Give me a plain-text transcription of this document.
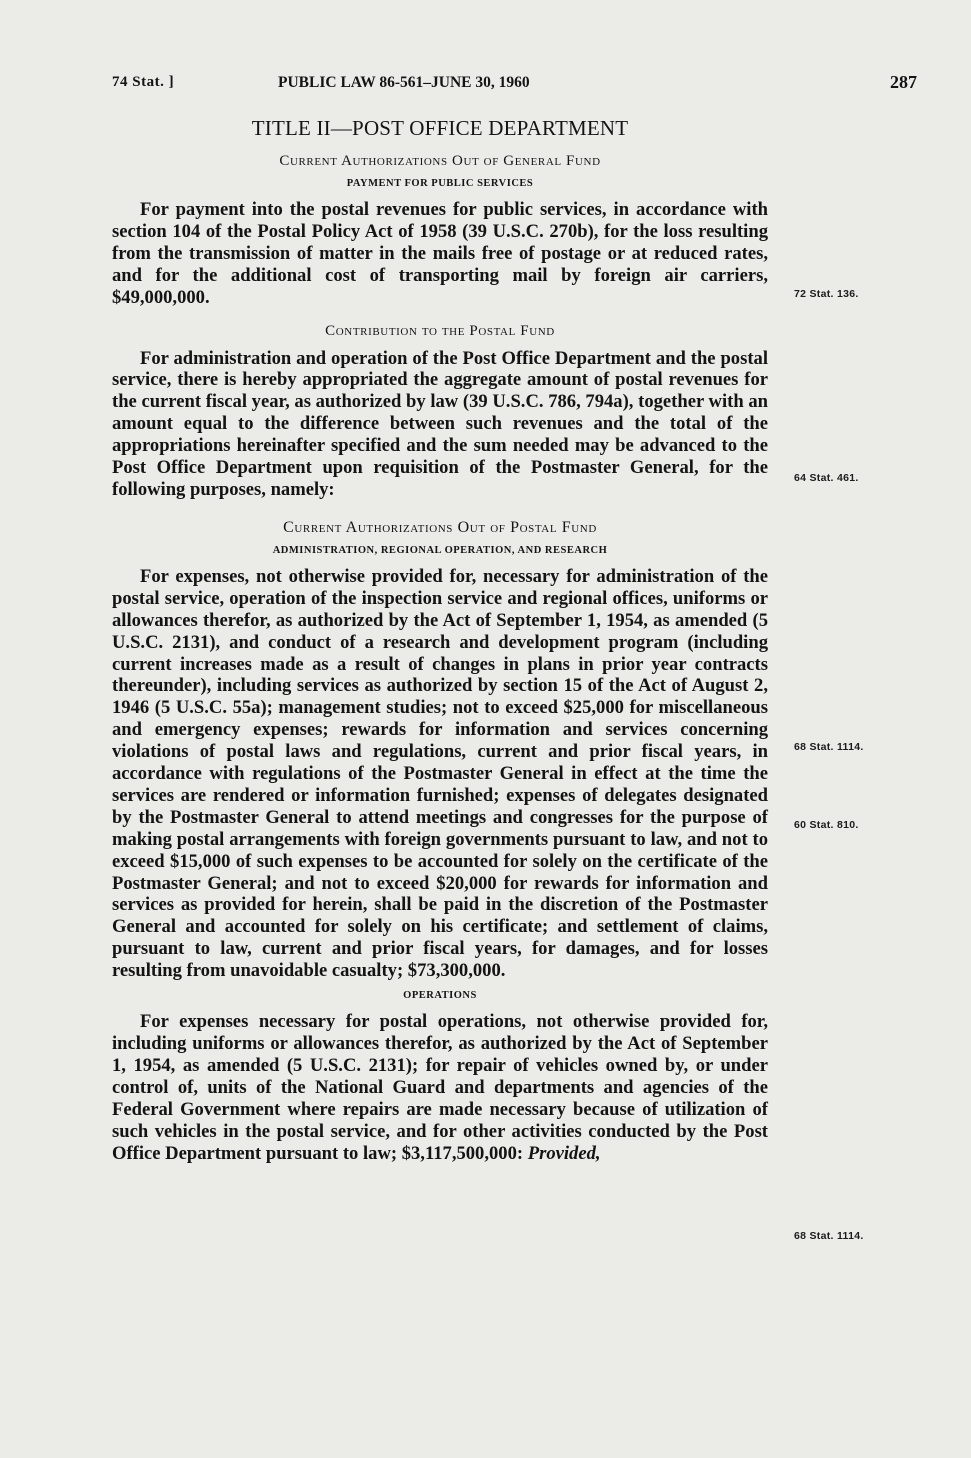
74 Stat. ]	PUBLIC LAW 86-561–JUNE 30, 1960	287
TITLE II—POST OFFICE DEPARTMENT
Current Authorizations Out of General Fund
PAYMENT FOR PUBLIC SERVICES

For payment into the postal revenues for public services, in accordance with section 104 of the Postal Policy Act of 1958 (39 U.S.C. 270b), for the loss resulting from the transmission of matter in the mails free of postage or at reduced rates, and for the additional cost of transporting mail by foreign air carriers, $49,000,000.

Contribution to the Postal Fund

For administration and operation of the Post Office Department and the postal service, there is hereby appropriated the aggregate amount of postal revenues for the current fiscal year, as authorized by law (39 U.S.C. 786, 794a), together with an amount equal to the difference between such revenues and the total of the appropriations hereinafter specified and the sum needed may be advanced to the Post Office Department upon requisition of the Postmaster General, for the following purposes, namely:

Current Authorizations Out of Postal Fund
ADMINISTRATION, REGIONAL OPERATION, AND RESEARCH

For expenses, not otherwise provided for, necessary for administration of the postal service, operation of the inspection service and regional offices, uniforms or allowances therefor, as authorized by the Act of September 1, 1954, as amended (5 U.S.C. 2131), and conduct of a research and development program (including current increases made as a result of changes in plans in prior year contracts thereunder), including services as authorized by section 15 of the Act of August 2, 1946 (5 U.S.C. 55a); management studies; not to exceed $25,000 for miscellaneous and emergency expenses; rewards for information and services concerning violations of postal laws and regulations, current and prior fiscal years, in accordance with regulations of the Postmaster General in effect at the time the services are rendered or information furnished; expenses of delegates designated by the Postmaster General to attend meetings and congresses for the purpose of making postal arrangements with foreign governments pursuant to law, and not to exceed $15,000 of such expenses to be accounted for solely on the certificate of the Postmaster General; and not to exceed $20,000 for rewards for information and services as provided for herein, shall be paid in the discretion of the Postmaster General and accounted for solely on his certificate; and settlement of claims, pursuant to law, current and prior fiscal years, for damages, and for losses resulting from unavoidable casualty; $73,300,000.

OPERATIONS

For expenses necessary for postal operations, not otherwise provided for, including uniforms or allowances therefor, as authorized by the Act of September 1, 1954, as amended (5 U.S.C. 2131); for repair of vehicles owned by, or under control of, units of the National Guard and departments and agencies of the Federal Government where repairs are made necessary because of utilization of such vehicles in the postal service, and for other activities conducted by the Post Office Department pursuant to law; $3,117,500,000: Provided,

72 Stat. 136.
64 Stat. 461.
68 Stat. 1114.
60 Stat. 810.
68 Stat. 1114.
